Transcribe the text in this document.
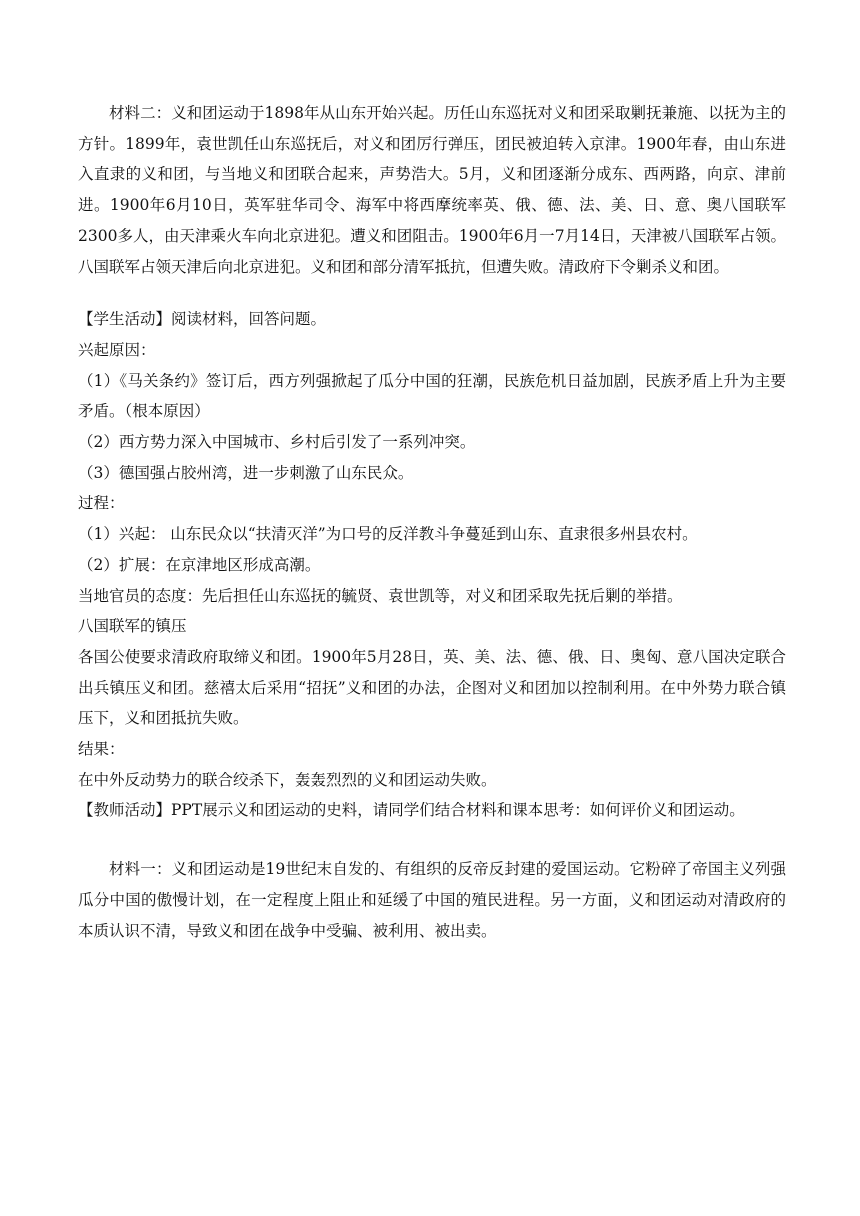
材料二：义和团运动于1898年从山东开始兴起。历任山东巡抚对义和团采取剿抚兼施、以抚为主的方针。1899年，袁世凯任山东巡抚后，对义和团厉行弹压，团民被迫转入京津。1900年春，由山东进入直隶的义和团，与当地义和团联合起来，声势浩大。5月，义和团逐渐分成东、西两路，向京、津前进。1900年6月10日，英军驻华司令、海军中将西摩统率英、俄、德、法、美、日、意、奥八国联军2300多人，由天津乘火车向北京进犯。遭义和团阻击。1900年6月一7月14日，天津被八国联军占领。八国联军占领天津后向北京进犯。义和团和部分清军抵抗，但遭失败。清政府下令剿杀义和团。

【学生活动】阅读材料，回答问题。

兴起原因：

（1）《马关条约》签订后，西方列强掀起了瓜分中国的狂潮，民族危机日益加剧，民族矛盾上升为主要矛盾。（根本原因）

（2）西方势力深入中国城市、乡村后引发了一系列冲突。

（3）德国强占胶州湾，进一步刺激了山东民众。

过程：

（1）兴起： 山东民众以“扶清灭洋”为口号的反洋教斗争蔓延到山东、直隶很多州县农村。

（2）扩展：在京津地区形成高潮。

当地官员的态度：先后担任山东巡抚的毓贤、袁世凯等，对义和团采取先抚后剿的举措。

八国联军的镇压

各国公使要求清政府取缔义和团。1900年5月28日，英、美、法、德、俄、日、奥匈、意八国决定联合出兵镇压义和团。慈禧太后采用“招抚”义和团的办法，企图对义和团加以控制利用。在中外势力联合镇压下，义和团抵抗失败。

结果：

在中外反动势力的联合绞杀下，轰轰烈烈的义和团运动失败。

【教师活动】PPT展示义和团运动的史料，请同学们结合材料和课本思考：如何评价义和团运动。

材料一：义和团运动是19世纪末自发的、有组织的反帝反封建的爱国运动。它粉碎了帝国主义列强瓜分中国的傲慢计划，在一定程度上阻止和延缓了中国的殖民进程。另一方面，义和团运动对清政府的本质认识不清，导致义和团在战争中受骗、被利用、被出卖。
